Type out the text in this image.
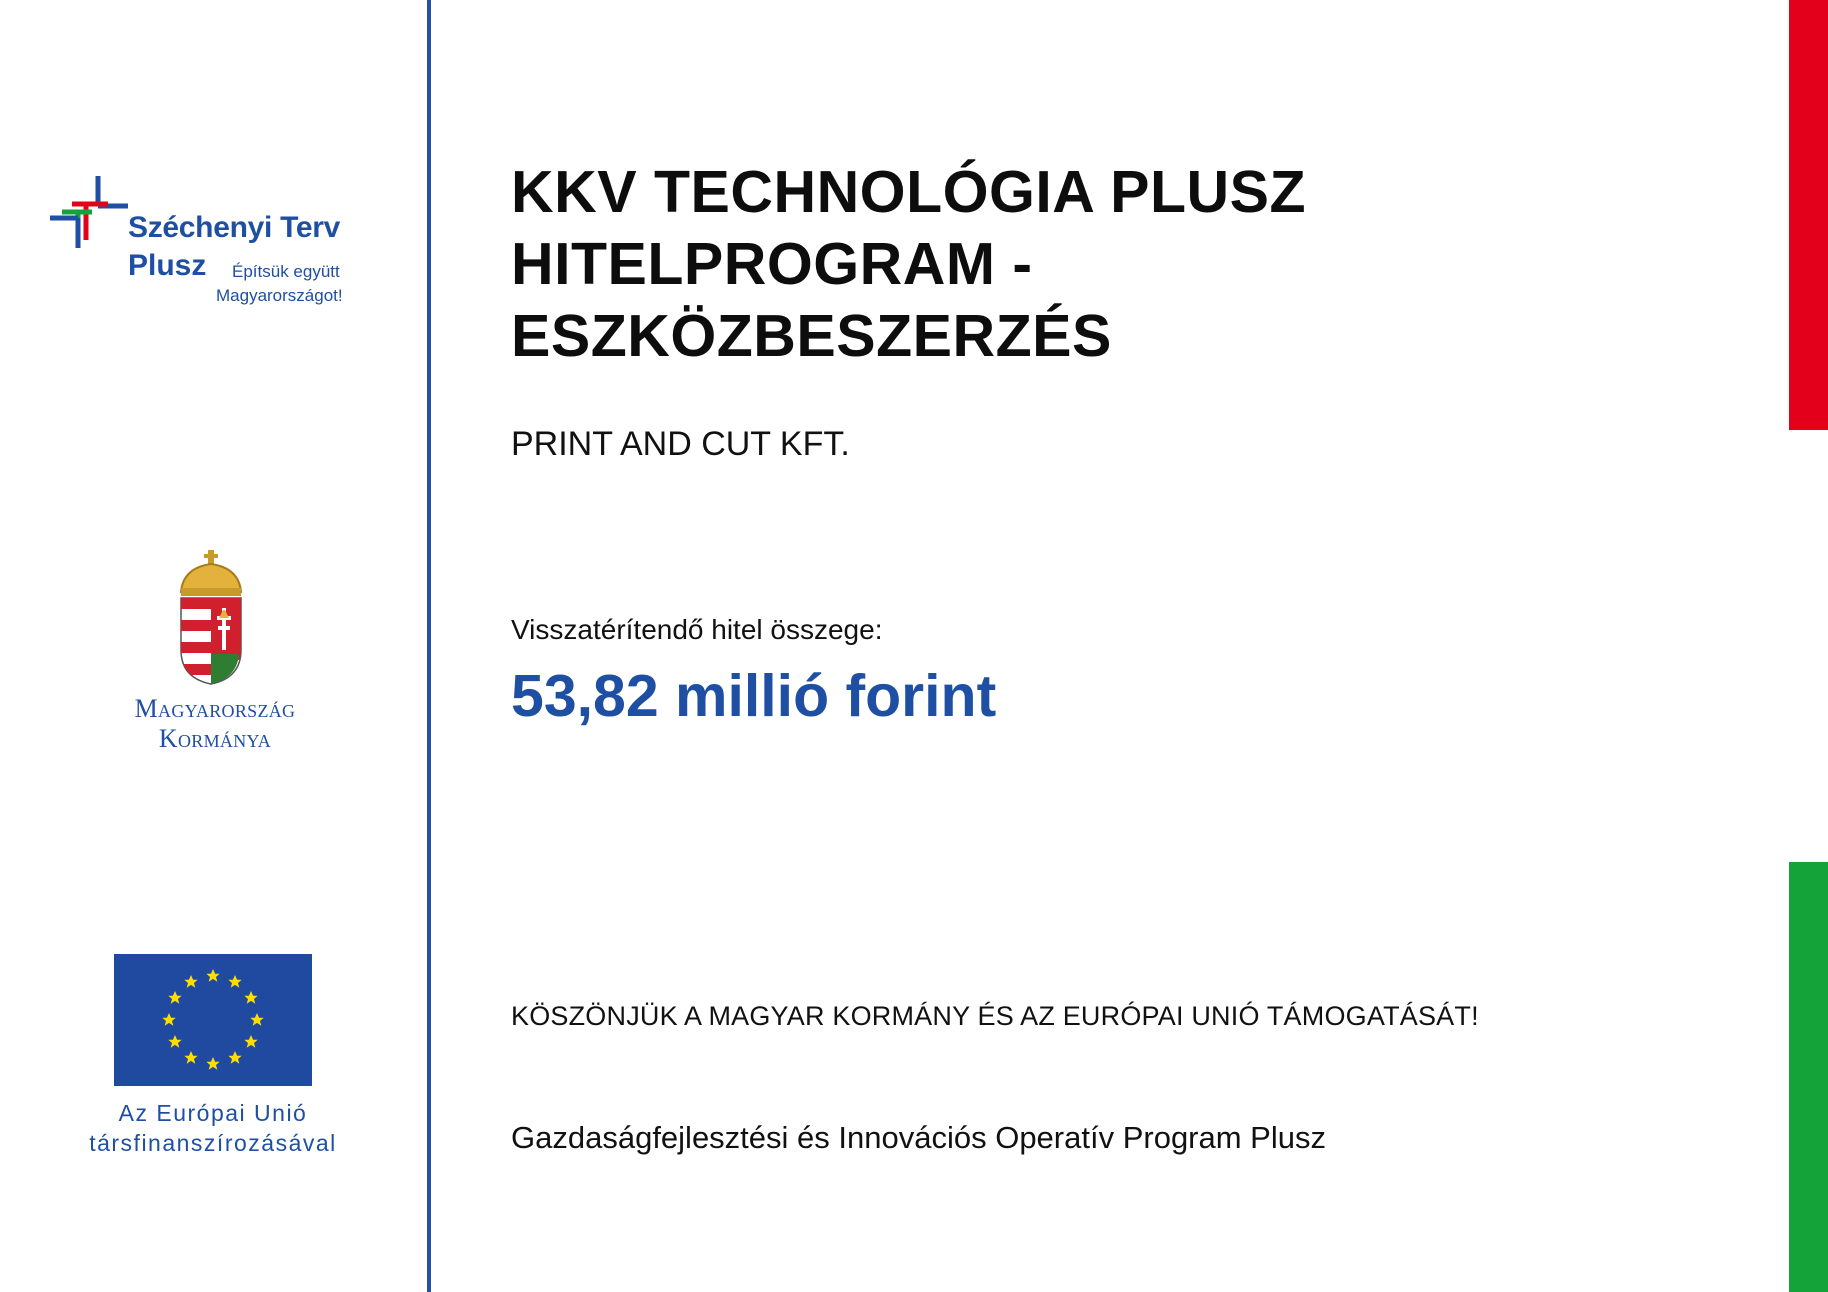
Széchenyi Terv
Plusz Építsük együtt
Magyarországot!
Magyarország
Kormánya
Az Európai Unió
társfinanszírozásával
KKV TECHNOLÓGIA PLUSZ
HITELPROGRAM -
ESZKÖZBESZERZÉS
PRINT AND CUT KFT.
Visszatérítendő hitel összege:
53,82 millió forint
KÖSZÖNJÜK A MAGYAR KORMÁNY ÉS AZ EURÓPAI UNIÓ TÁMOGATÁSÁT!
Gazdaságfejlesztési és Innovációs Operatív Program Plusz
